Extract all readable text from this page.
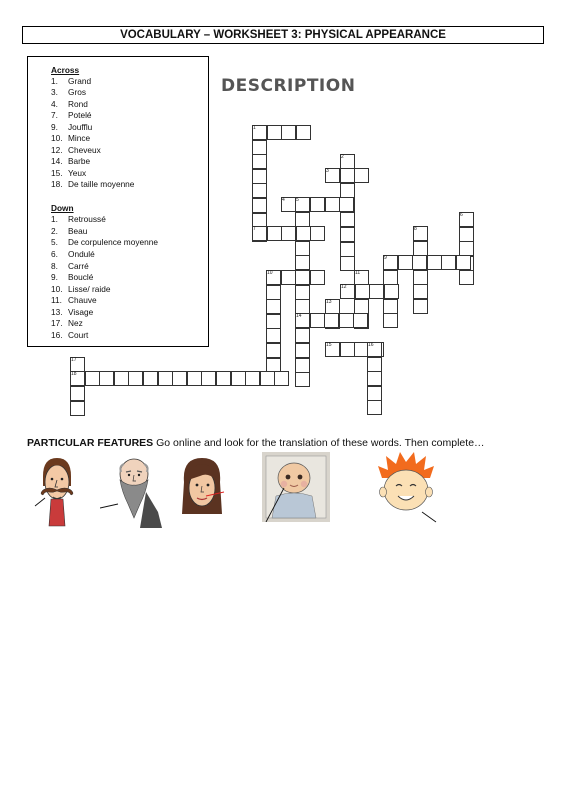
VOCABULARY – WORKSHEET 3: PHYSICAL APPEARANCE
Across
1. Grand
3. Gros
4. Rond
7. Potelé
9. Joufflu
10. Mince
12. Cheveux
14. Barbe
15. Yeux
18. De taille moyenne
Down
1. Retroussé
2. Beau
5. De corpulence moyenne
6. Ondulé
8. Carré
9. Bouclé
10. Lisse/ raide
11. Chauve
13. Visage
17. Nez
16. Court
DESCRIPTION
1
2
3
4 5
6
7	8
9
10	11
12
13
14
15	16
17
18
PARTICULAR FEATURES Go online and look for the translation of these words. Then complete…
